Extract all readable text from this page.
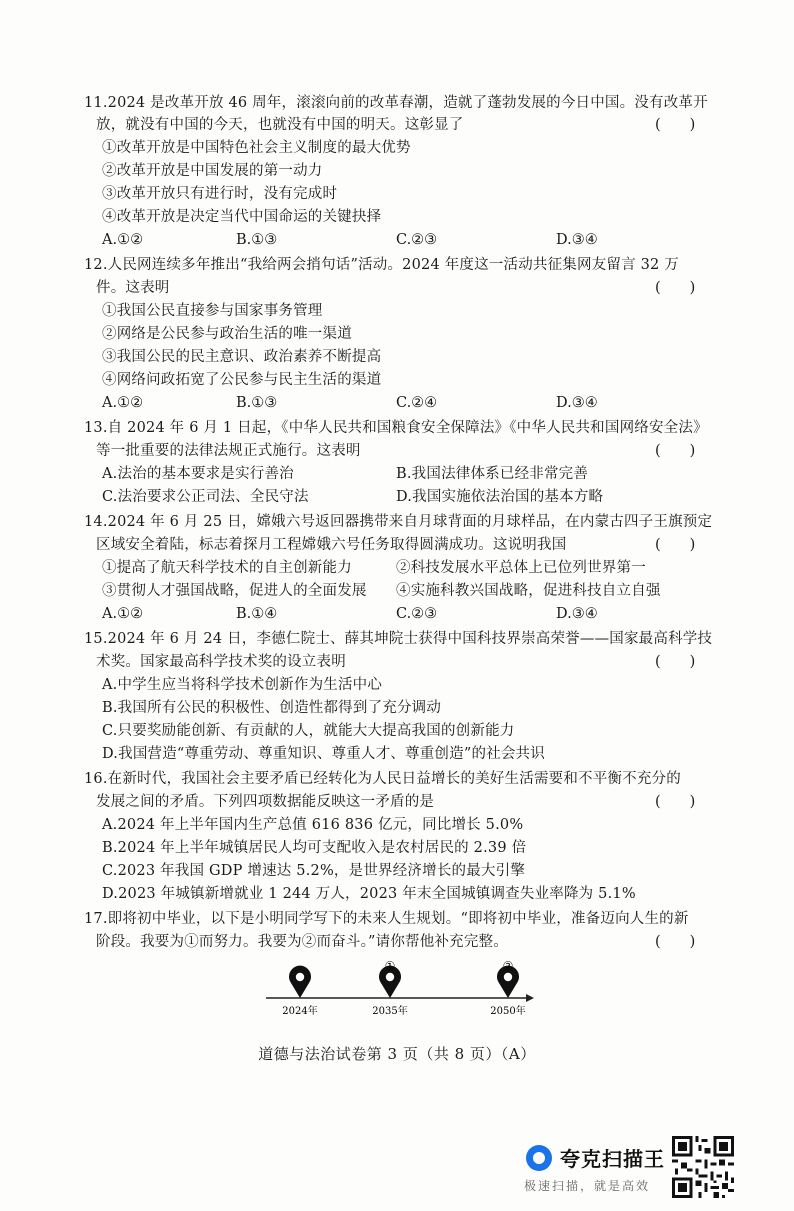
11.2024 是改革开放 46 周年，滚滚向前的改革春潮，造就了蓬勃发展的今日中国。没有改革开
放，就没有中国的今天，也就没有中国的明天。这彰显了	(　　)
①改革开放是中国特色社会主义制度的最大优势
②改革开放是中国发展的第一动力
③改革开放只有进行时，没有完成时
④改革开放是决定当代中国命运的关键抉择
A.①②	B.①③	C.②③	D.③④
12.人民网连续多年推出“我给两会捎句话”活动。2024 年度这一活动共征集网友留言 32 万
件。这表明	(　　)
①我国公民直接参与国家事务管理
②网络是公民参与政治生活的唯一渠道
③我国公民的民主意识、政治素养不断提高
④网络问政拓宽了公民参与民主生活的渠道
A.①②	B.①③	C.②④	D.③④
13.自 2024 年 6 月 1 日起，《中华人民共和国粮食安全保障法》《中华人民共和国网络安全法》
等一批重要的法律法规正式施行。这表明	(　　)
A.法治的基本要求是实行善治	B.我国法律体系已经非常完善
C.法治要求公正司法、全民守法	D.我国实施依法治国的基本方略
14.2024 年 6 月 25 日，嫦娥六号返回器携带来自月球背面的月球样品，在内蒙古四子王旗预定
区域安全着陆，标志着探月工程嫦娥六号任务取得圆满成功。这说明我国	(　　)
①提高了航天科学技术的自主创新能力	②科技发展水平总体上已位列世界第一
③贯彻人才强国战略，促进人的全面发展 ④实施科教兴国战略，促进科技自立自强
A.①②	B.①④	C.②③	D.③④
15.2024 年 6 月 24 日，李德仁院士、薛其坤院士获得中国科技界崇高荣誉——国家最高科学技
术奖。国家最高科学技术奖的设立表明	(　　)
A.中学生应当将科学技术创新作为生活中心
B.我国所有公民的积极性、创造性都得到了充分调动
C.只要奖励能创新、有贡献的人，就能大大提高我国的创新能力
D.我国营造“尊重劳动、尊重知识、尊重人才、尊重创造”的社会共识
16.在新时代，我国社会主要矛盾已经转化为人民日益增长的美好生活需要和不平衡不充分的
发展之间的矛盾。下列四项数据能反映这一矛盾的是	(　　)
A.2024 年上半年国内生产总值 616 836 亿元，同比增长 5.0%
B.2024 年上半年城镇居民人均可支配收入是农村居民的 2.39 倍
C.2023 年我国 GDP 增速达 5.2%，是世界经济增长的最大引擎
D.2023 年城镇新增就业 1 244 万人，2023 年末全国城镇调查失业率降为 5.1%
17.即将初中毕业，以下是小明同学写下的未来人生规划。“即将初中毕业，准备迈向人生的新
阶段。我要为①而努力。我要为②而奋斗。”请你帮他补充完整。	(　　)
①	②
2024年	2035年	2050年
道德与法治试卷第 3 页（共 8 页）（A）
夸克扫描王
极速扫描，就是高效
